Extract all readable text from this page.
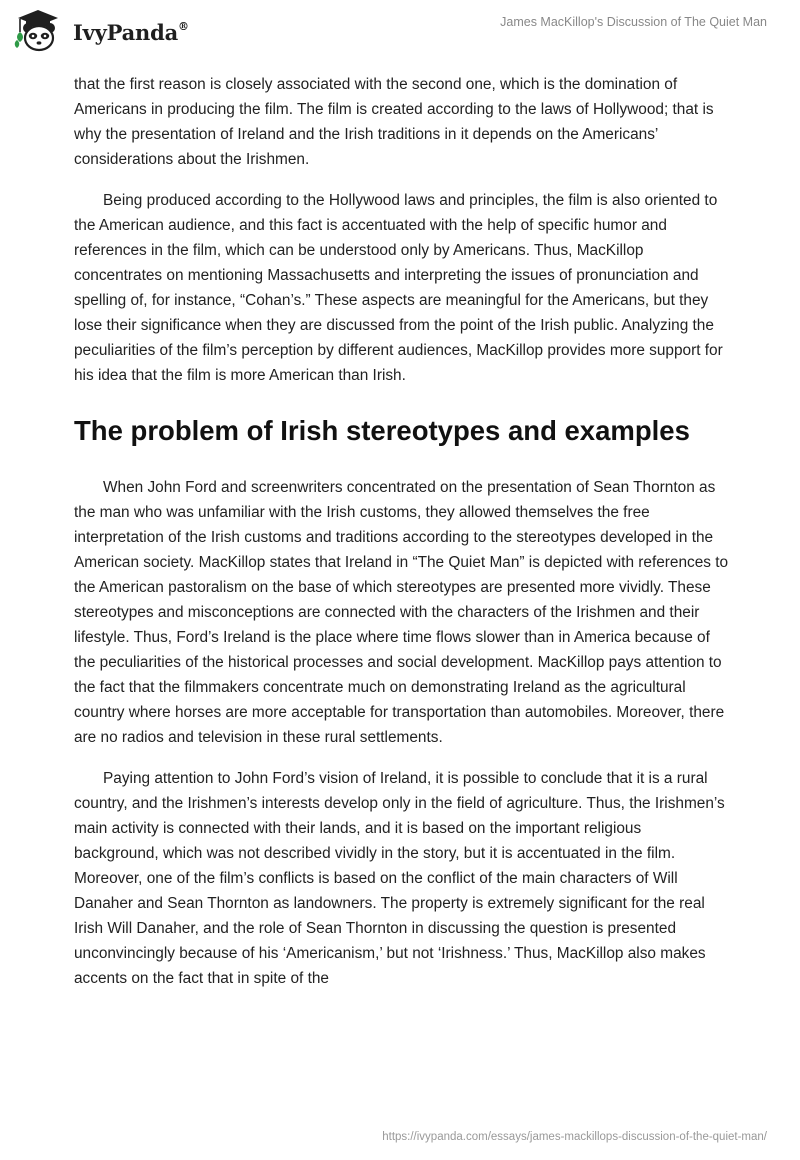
IvyPanda®	James MacKillop's Discussion of The Quiet Man

that the first reason is closely associated with the second one, which is the domination of Americans in producing the film. The film is created according to the laws of Hollywood; that is why the presentation of Ireland and the Irish traditions in it depends on the Americans’ considerations about the Irishmen.

Being produced according to the Hollywood laws and principles, the film is also oriented to the American audience, and this fact is accentuated with the help of specific humor and references in the film, which can be understood only by Americans. Thus, MacKillop concentrates on mentioning Massachusetts and interpreting the issues of pronunciation and spelling of, for instance, “Cohan’s.” These aspects are meaningful for the Americans, but they lose their significance when they are discussed from the point of the Irish public. Analyzing the peculiarities of the film’s perception by different audiences, MacKillop provides more support for his idea that the film is more American than Irish.

The problem of Irish stereotypes and examples

When John Ford and screenwriters concentrated on the presentation of Sean Thornton as the man who was unfamiliar with the Irish customs, they allowed themselves the free interpretation of the Irish customs and traditions according to the stereotypes developed in the American society. MacKillop states that Ireland in “The Quiet Man” is depicted with references to the American pastoralism on the base of which stereotypes are presented more vividly. These stereotypes and misconceptions are connected with the characters of the Irishmen and their lifestyle. Thus, Ford’s Ireland is the place where time flows slower than in America because of the peculiarities of the historical processes and social development. MacKillop pays attention to the fact that the filmmakers concentrate much on demonstrating Ireland as the agricultural country where horses are more acceptable for transportation than automobiles. Moreover, there are no radios and television in these rural settlements.

Paying attention to John Ford’s vision of Ireland, it is possible to conclude that it is a rural country, and the Irishmen’s interests develop only in the field of agriculture. Thus, the Irishmen’s main activity is connected with their lands, and it is based on the important religious background, which was not described vividly in the story, but it is accentuated in the film. Moreover, one of the film’s conflicts is based on the conflict of the main characters of Will Danaher and Sean Thornton as landowners. The property is extremely significant for the real Irish Will Danaher, and the role of Sean Thornton in discussing the question is presented unconvincingly because of his ‘Americanism,’ but not ‘Irishness.’ Thus, MacKillop also makes accents on the fact that in spite of the

https://ivypanda.com/essays/james-mackillops-discussion-of-the-quiet-man/
